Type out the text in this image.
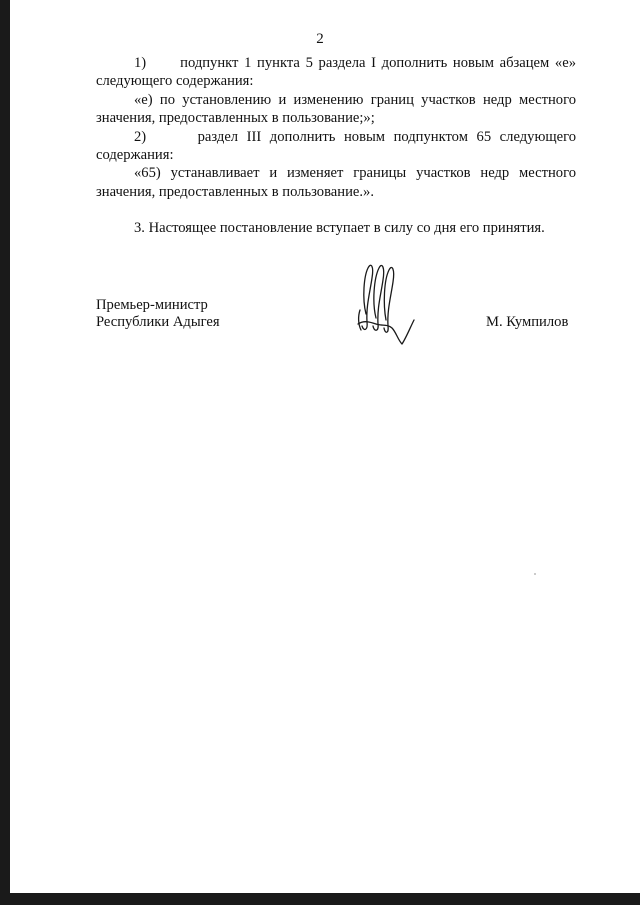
2

1)      подпункт 1 пункта 5 раздела I дополнить новым абзацем «е» следующего содержания:

«е) по установлению и изменению границ участков недр местного значения, предоставленных в пользование;»;

2)      раздел III дополнить новым подпунктом 65 следующего содержания:

«65) устанавливает и изменяет границы участков недр местного значения, предоставленных в пользование.».

3. Настоящее постановление вступает в силу со дня его принятия.

Премьер-министр
Республики Адыгея	М. Кумпилов
